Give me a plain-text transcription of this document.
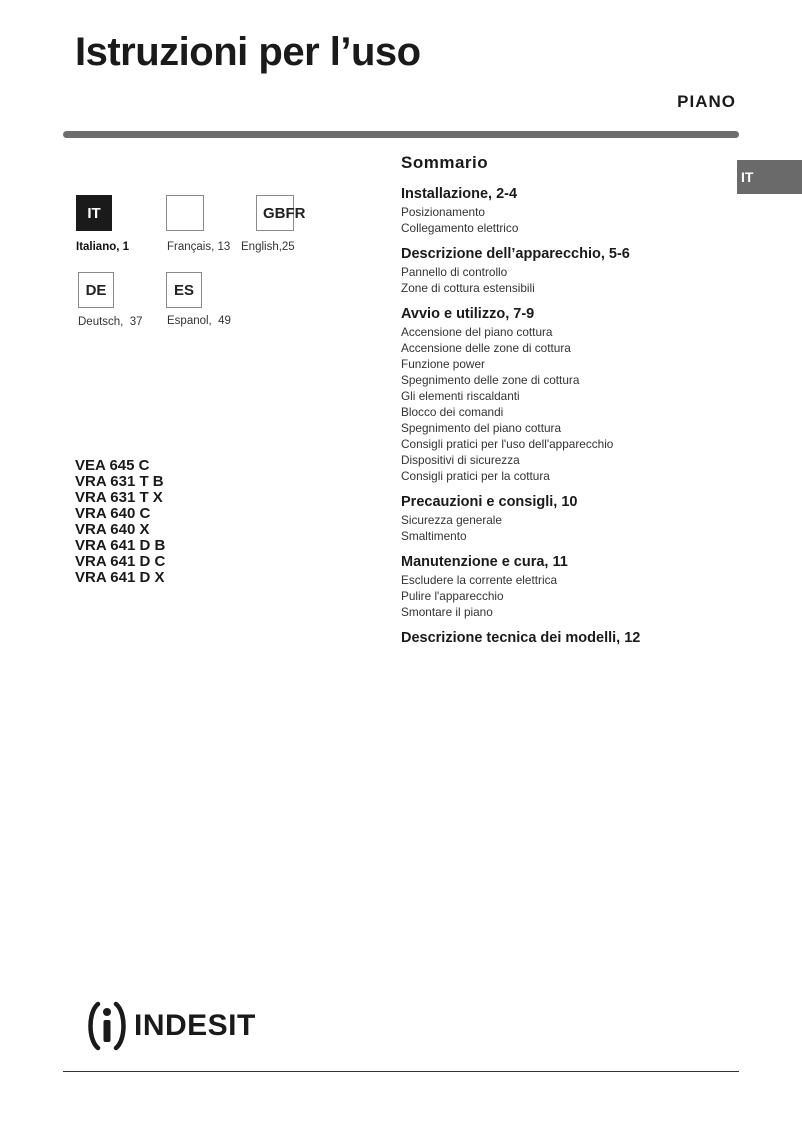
Istruzioni per l’uso
PIANO
IT
IT	GBFR
Italiano, 1	Français, 13 English,25
DE	ES
Deutsch,  37 Espanol,  49
VEA 645 C
VRA 631 T B
VRA 631 T X
VRA 640 C
VRA 640 X
VRA 641 D B
VRA 641 D C
VRA 641 D X
Sommario
Installazione, 2-4
Posizionamento
Collegamento elettrico
Descrizione dell’apparecchio, 5-6
Pannello di controllo
Zone di cottura estensibili
Avvio e utilizzo, 7-9
Accensione del piano cottura
Accensione delle zone di cottura
Funzione power
Spegnimento delle zone di cottura
Gli elementi riscaldanti
Blocco dei comandi
Spegnimento del piano cottura
Consigli pratici per l'uso dell'apparecchio
Dispositivi di sicurezza
Consigli pratici per la cottura
Precauzioni e consigli, 10
Sicurezza generale
Smaltimento
Manutenzione e cura, 11
Escludere la corrente elettrica
Pulire l'apparecchio
Smontare il piano
Descrizione tecnica dei modelli, 12
INDESIT
